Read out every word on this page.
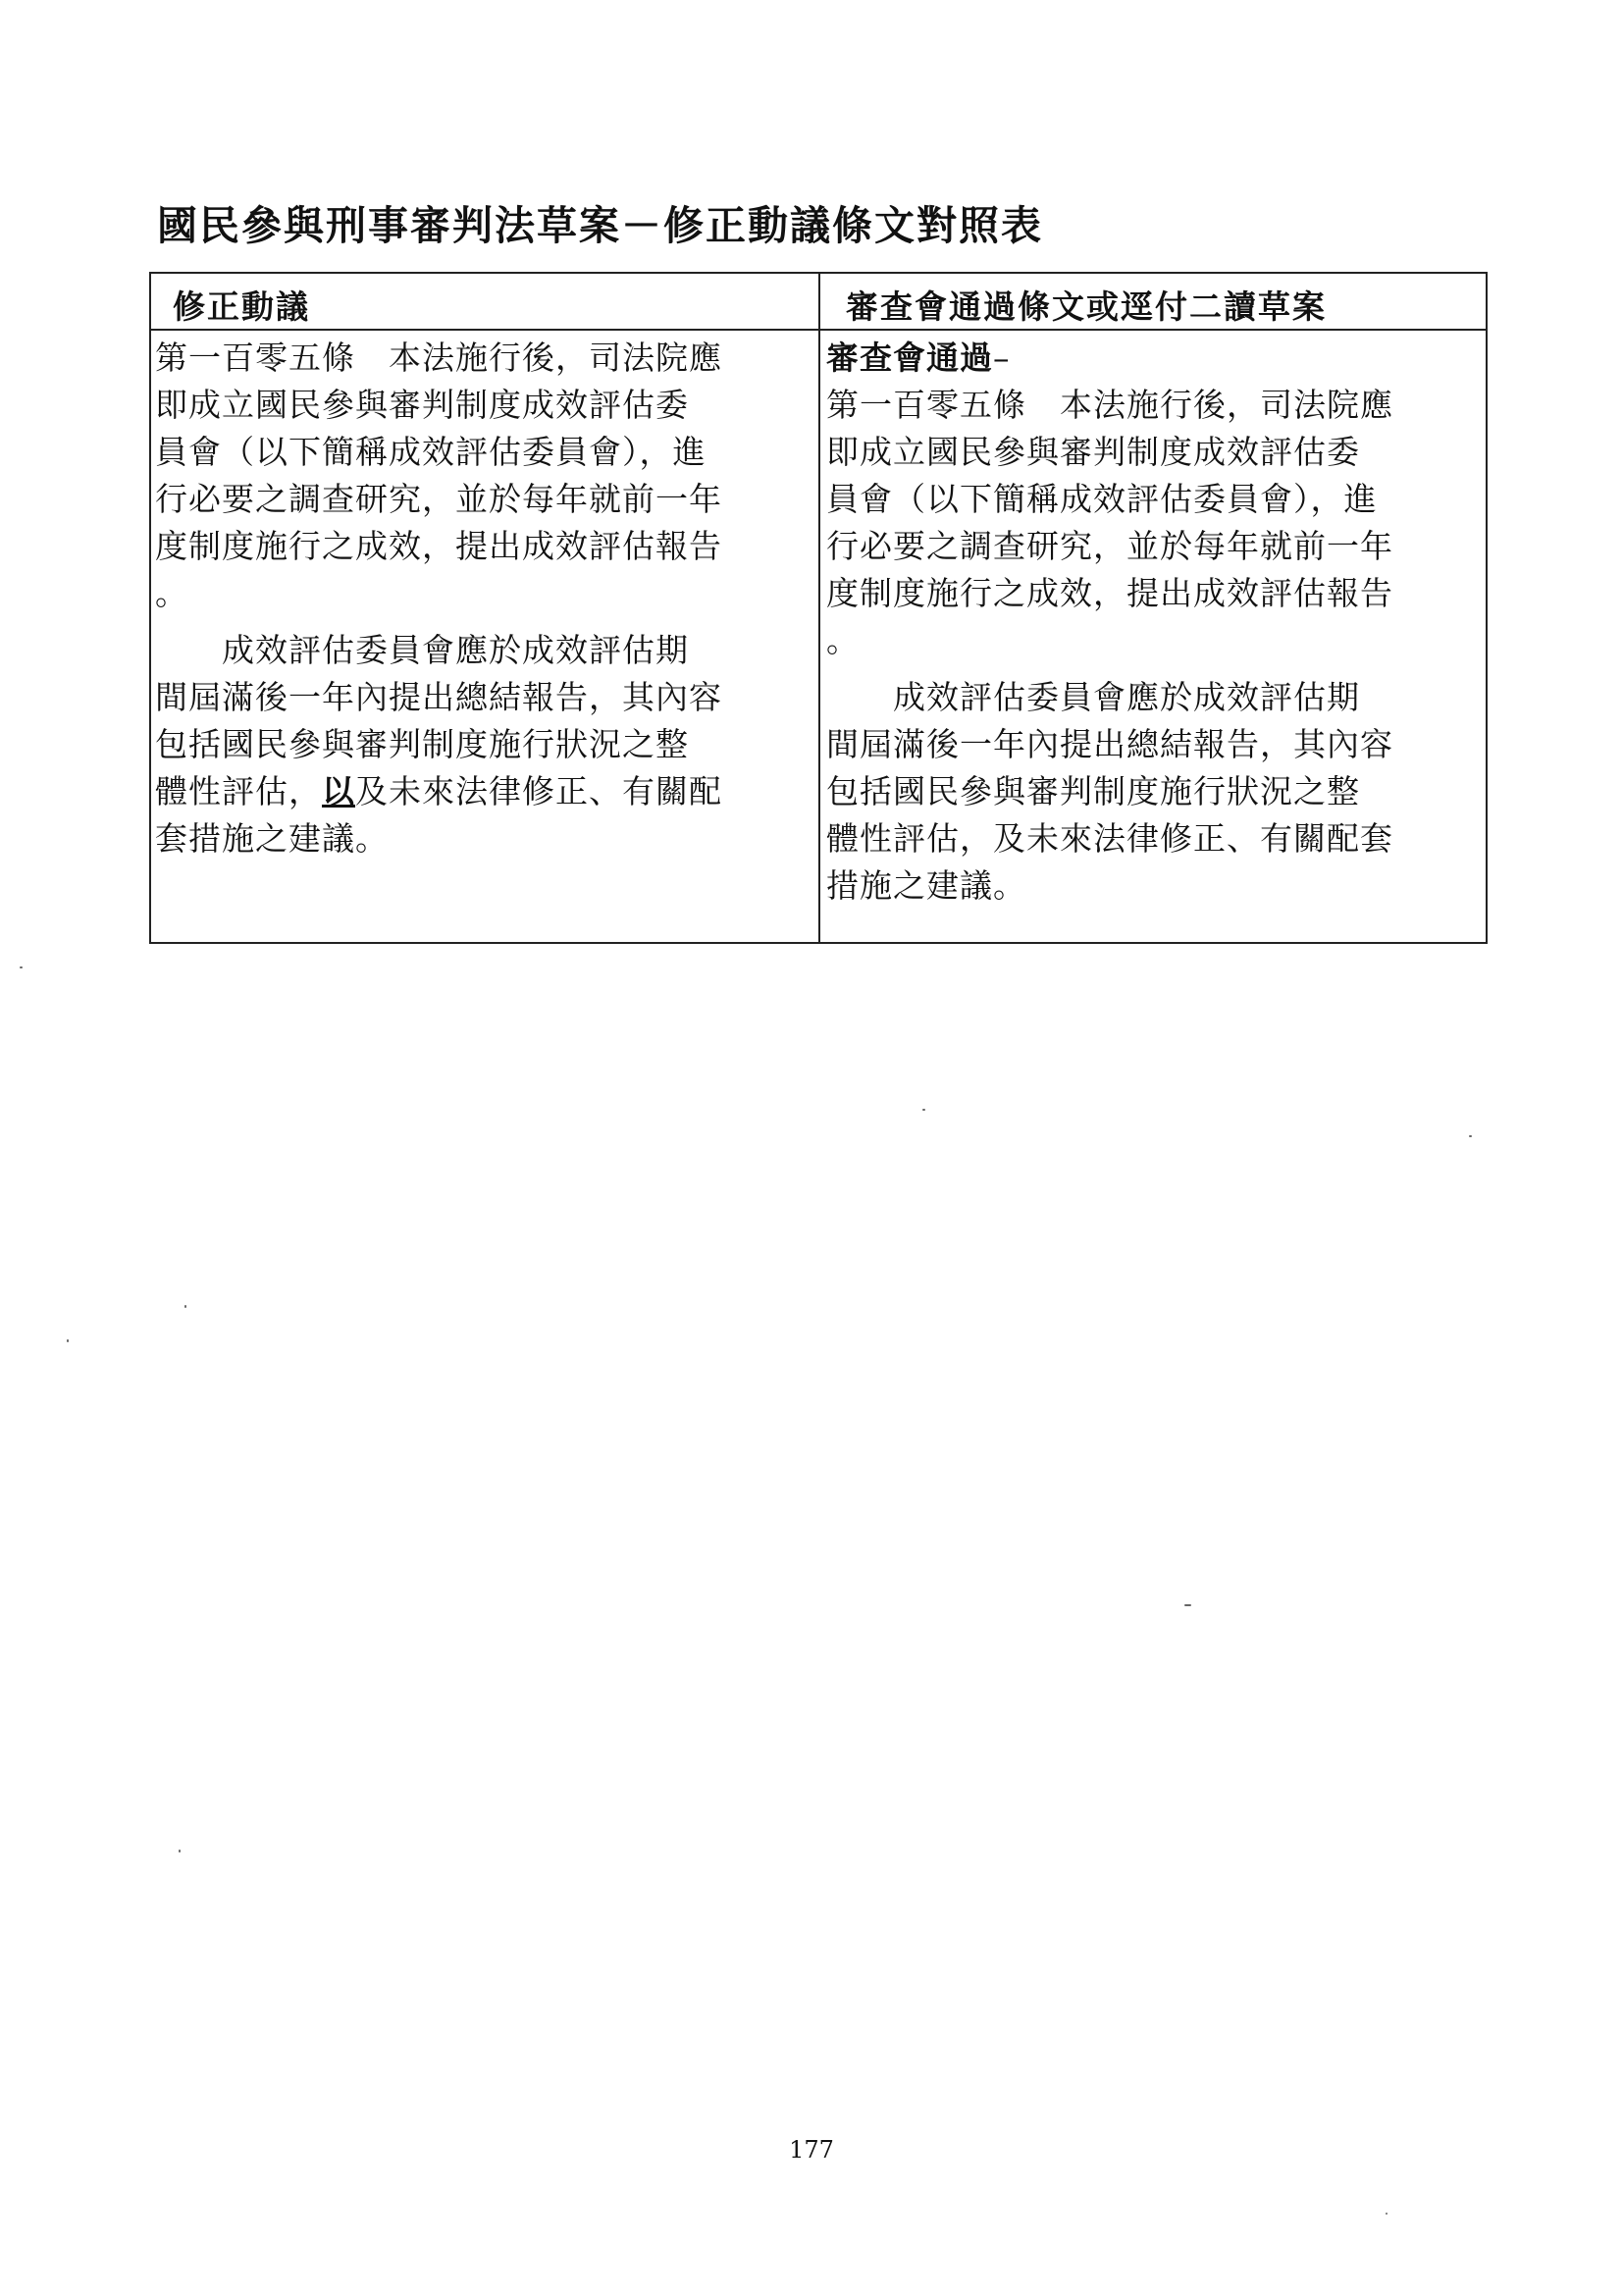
國民參與刑事審判法草案－修正動議條文對照表
修正動議	審查會通過條文或逕付二讀草案
第一百零五條　本法施行後，司法院應
即成立國民參與審判制度成效評估委
員會（以下簡稱成效評估委員會），進
行必要之調查研究，並於每年就前一年
度制度施行之成效，提出成效評估報告
。
　　成效評估委員會應於成效評估期
間屆滿後一年內提出總結報告，其內容
包括國民參與審判制度施行狀況之整
體性評估，以及未來法律修正、有關配
套措施之建議。
審查會通過–
第一百零五條　本法施行後，司法院應
即成立國民參與審判制度成效評估委
員會（以下簡稱成效評估委員會），進
行必要之調查研究，並於每年就前一年
度制度施行之成效，提出成效評估報告
。
　　成效評估委員會應於成效評估期
間屆滿後一年內提出總結報告，其內容
包括國民參與審判制度施行狀況之整
體性評估，及未來法律修正、有關配套
措施之建議。
177
